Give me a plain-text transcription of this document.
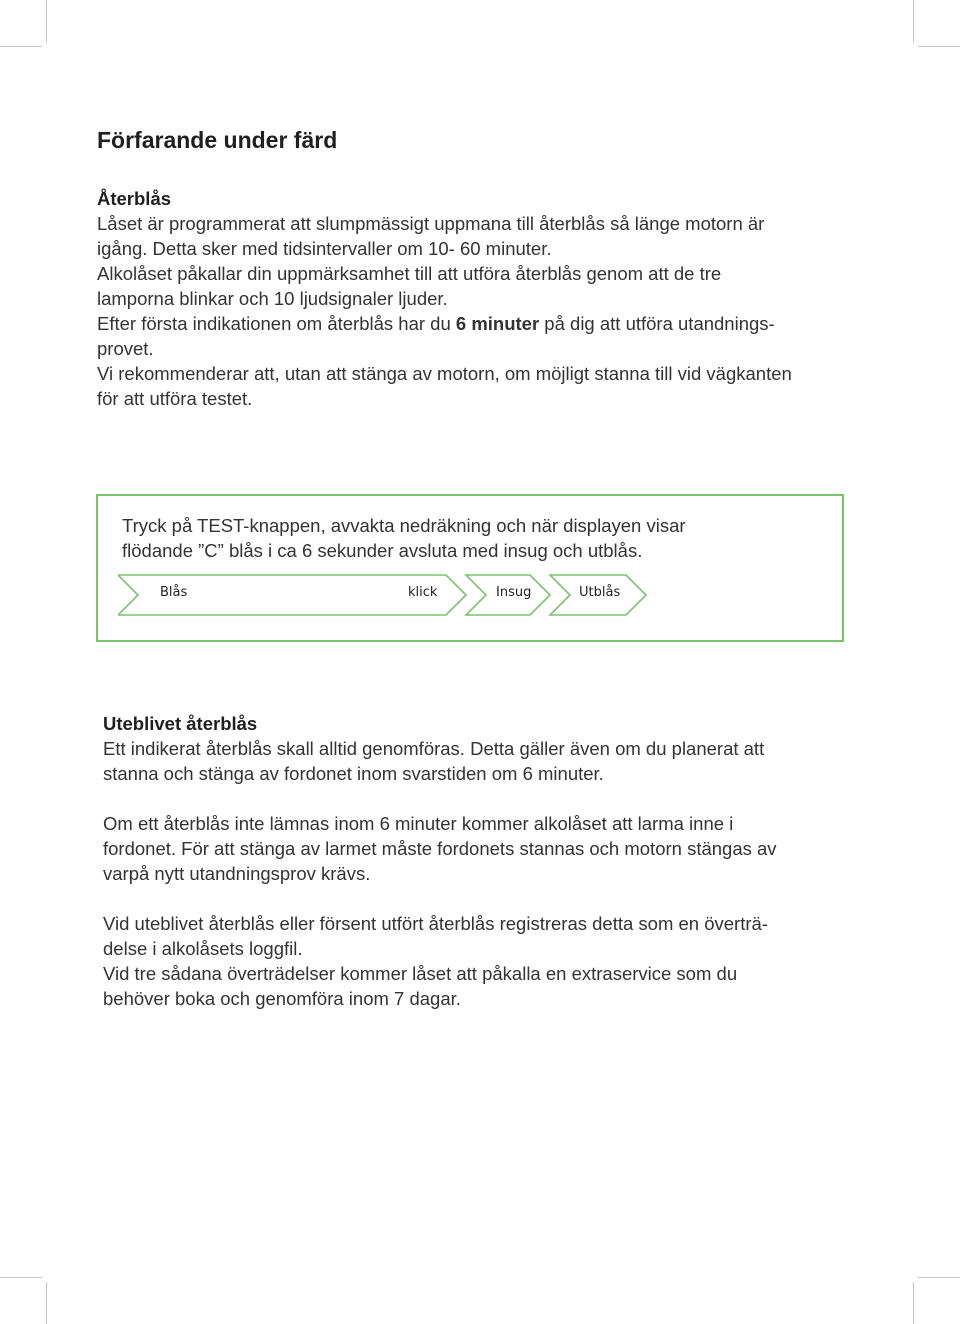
Förfarande under färd
Återblås

Låset är programmerat att slumpmässigt uppmana till återblås så länge motorn är
igång. Detta sker med tidsintervaller om 10- 60 minuter.
Alkolåset påkallar din uppmärksamhet till att utföra återblås genom att de tre
lamporna blinkar och 10 ljudsignaler ljuder.
Efter första indikationen om återblås har du 6 minuter på dig att utföra utandnings-
provet.
Vi rekommenderar att, utan att stänga av motorn, om möjligt stanna till vid vägkanten
för att utföra testet.

Tryck på TEST-knappen, avvakta nedräkning och när displayen visar
flödande ”C” blås i ca 6 sekunder avsluta med insug och utblås.

Blås	klick	Insug	Utblås
Uteblivet återblås

Ett indikerat återblås skall alltid genomföras. Detta gäller även om du planerat att
stanna och stänga av fordonet inom svarstiden om 6 minuter.

Om ett återblås inte lämnas inom 6 minuter kommer alkolåset att larma inne i
fordonet. För att stänga av larmet måste fordonets stannas och motorn stängas av
varpå nytt utandningsprov krävs.

Vid uteblivet återblås eller försent utfört återblås registreras detta som en överträ-
delse i alkolåsets loggfil.

Vid tre sådana överträdelser kommer låset att påkalla en extraservice som du
behöver boka och genomföra inom 7 dagar.
